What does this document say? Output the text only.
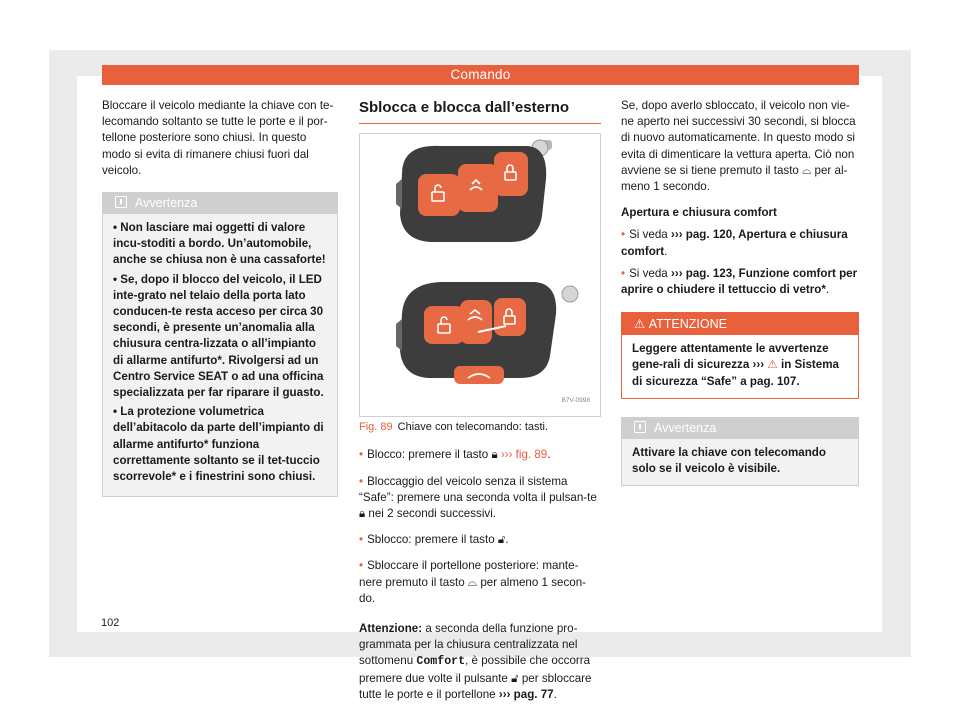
Comando

Bloccare il veicolo mediante la chiave con te-lecomando soltanto se tutte le porte e il por-tellone posteriore sono chiusi. In questo modo si evita di rimanere chiusi fuori dal veicolo.

Avvertenza

• Non lasciare mai oggetti di valore incu-stoditi a bordo. Un’automobile, anche se chiusa non è una cassaforte!

• Se, dopo il blocco del veicolo, il LED inte-grato nel telaio della porta lato conducen-te resta acceso per circa 30 secondi, è presente un’anomalia alla chiusura centra-lizzata o all’impianto di allarme antifurto*. Rivolgersi ad un Centro Service SEAT o ad una officina specializzata per far riparare il guasto.

• La protezione volumetrica dell’abitacolo da parte dell’impianto di allarme antifurto* funziona correttamente soltanto se il tet-tuccio scorrevole* e i finestrini sono chiusi.

Sblocca e blocca dall’esterno
B7V-0998
Fig. 89 Chiave con telecomando: tasti.

• Blocco: premere il tasto 🔒︎ ››› fig. 89.

• Bloccaggio del veicolo senza il sistema “Safe”: premere una seconda volta il pulsan-te 🔒︎ nei 2 secondi successivi.

• Sblocco: premere il tasto 🔓︎.

• Sbloccare il portellone posteriore: mante-nere premuto il tasto ⌓ per almeno 1 secon-do.

Attenzione: a seconda della funzione pro-grammata per la chiusura centralizzata nel sottomenu Comfort, è possibile che occorra premere due volte il pulsante 🔓︎ per sbloccare tutte le porte e il portellone ››› pag. 77.

Se, dopo averlo sbloccato, il veicolo non vie-ne aperto nei successivi 30 secondi, si blocca di nuovo automaticamente. In questo modo si evita di dimenticare la vettura aperta. Ciò non avviene se si tiene premuto il tasto ⌓ per al-meno 1 secondo.

Apertura e chiusura comfort

• Si veda ››› pag. 120, Apertura e chiusura comfort.

• Si veda ››› pag. 123, Funzione comfort per aprire o chiudere il tettuccio di vetro*.

⚠ ATTENZIONE
Leggere attentamente le avvertenze gene-rali di sicurezza ››› ⚠ in Sistema di sicurezza “Safe” a pag. 107.
Avvertenza
Attivare la chiave con telecomando solo se il veicolo è visibile.
102
